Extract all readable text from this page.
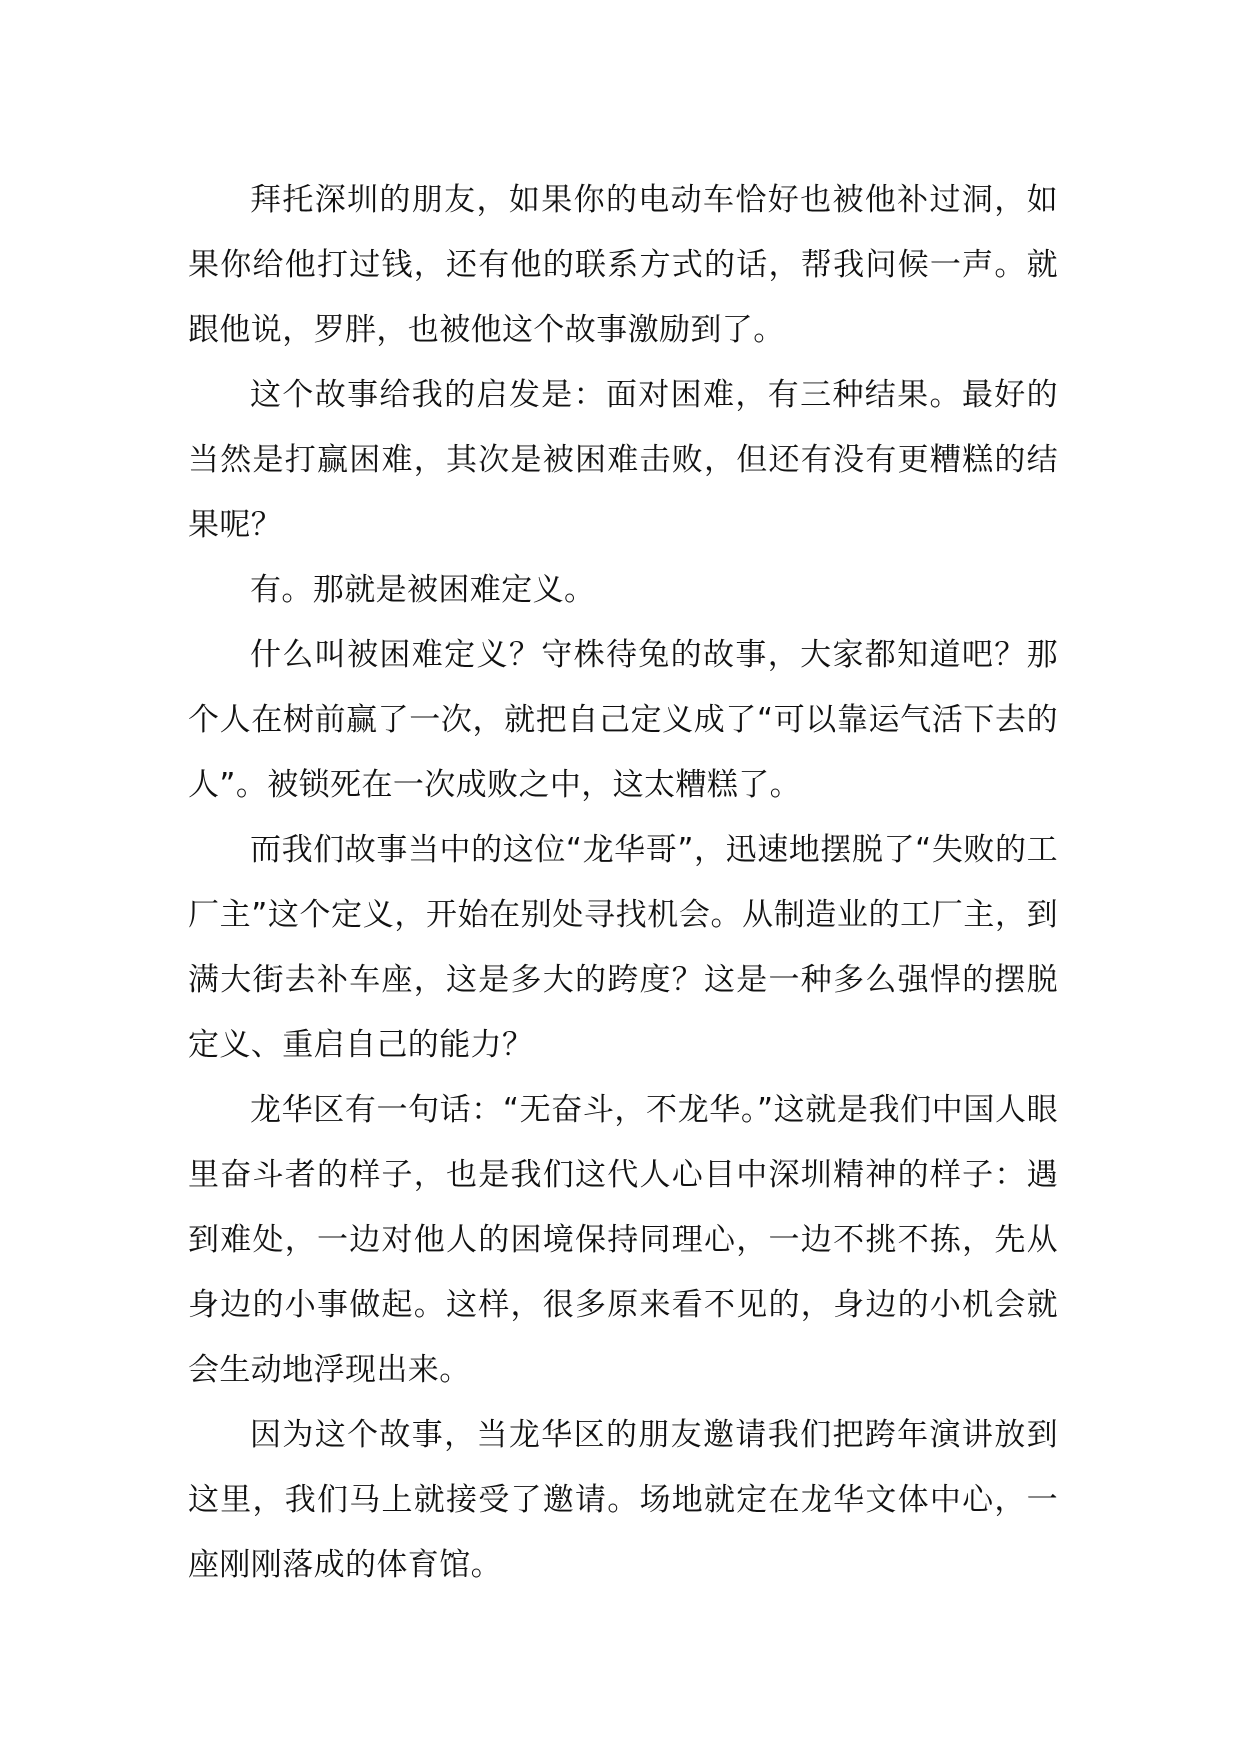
拜托深圳的朋友，如果你的电动车恰好也被他补过洞，如果你给他打过钱，还有他的联系方式的话，帮我问候一声。就跟他说，罗胖，也被他这个故事激励到了。

这个故事给我的启发是：面对困难，有三种结果。最好的当然是打赢困难，其次是被困难击败，但还有没有更糟糕的结果呢？

有。那就是被困难定义。

什么叫被困难定义？守株待兔的故事，大家都知道吧？那个人在树前赢了一次，就把自己定义成了“可以靠运气活下去的人”。被锁死在一次成败之中，这太糟糕了。

而我们故事当中的这位“龙华哥”，迅速地摆脱了“失败的工厂主”这个定义，开始在别处寻找机会。从制造业的工厂主，到满大街去补车座，这是多大的跨度？这是一种多么强悍的摆脱定义、重启自己的能力？

龙华区有一句话：“无奋斗，不龙华。”这就是我们中国人眼里奋斗者的样子，也是我们这代人心目中深圳精神的样子：遇到难处，一边对他人的困境保持同理心，一边不挑不拣，先从身边的小事做起。这样，很多原来看不见的，身边的小机会就会生动地浮现出来。

因为这个故事，当龙华区的朋友邀请我们把跨年演讲放到这里，我们马上就接受了邀请。场地就定在龙华文体中心，一座刚刚落成的体育馆。
